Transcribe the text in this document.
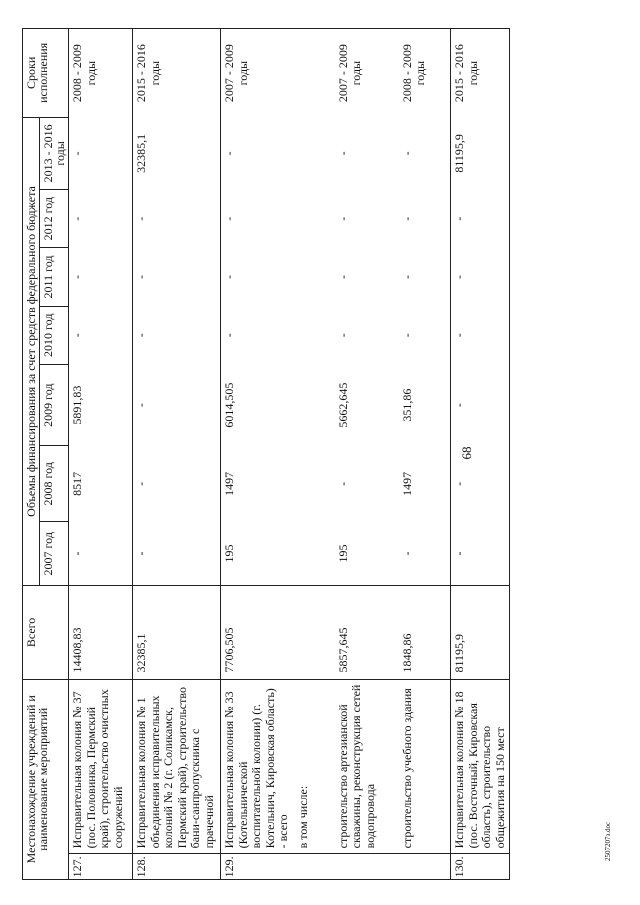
68
Местонахождение учреждений и наименование мероприятий		Всего	Объемы финансирования за счет средств федерального бюджета							Сроки исполнения
			2007 год	2008 год	2009 год	2010 год	2011 год	2012 год	2013 - 2016 годы	
127.	Исправительная колония № 37 (пос. Половинка, Пермский край), строительство очистных сооружений	14408,83	-	8517	5891,83	-	-	-	-	2008 - 2009 годы
128.	Исправительная колония № 1 объединения исправительных колоний № 2 (г. Соликамск, Пермский край), строительство бани-санпропускника с прачечной	32385,1	-	-	-	-	-	-	32385,1	2015 - 2016 годы
129.	Исправительная колония № 33 (Котельнической воспитательной колонии) (г. Котельнич, Кировская область) - всего	7706,505	195	1497	6014,505	-	-	-	-	2007 - 2009 годы
	в том числе:									
	строительство артезианской скважины, реконструкция сетей водопровода	5857,645	195	-	5662,645	-	-	-	-	2007 - 2009 годы
	строительство учебного здания	1848,86	-	1497	351,86	-	-	-	-	2008 - 2009 годы
130.	Исправительная колония № 18 (пос. Восточный, Кировская область), строительство общежития на 150 мест	81195,9	-	-	-	-	-	-	81195,9	2015 - 2016 годы
2507207з.doc
